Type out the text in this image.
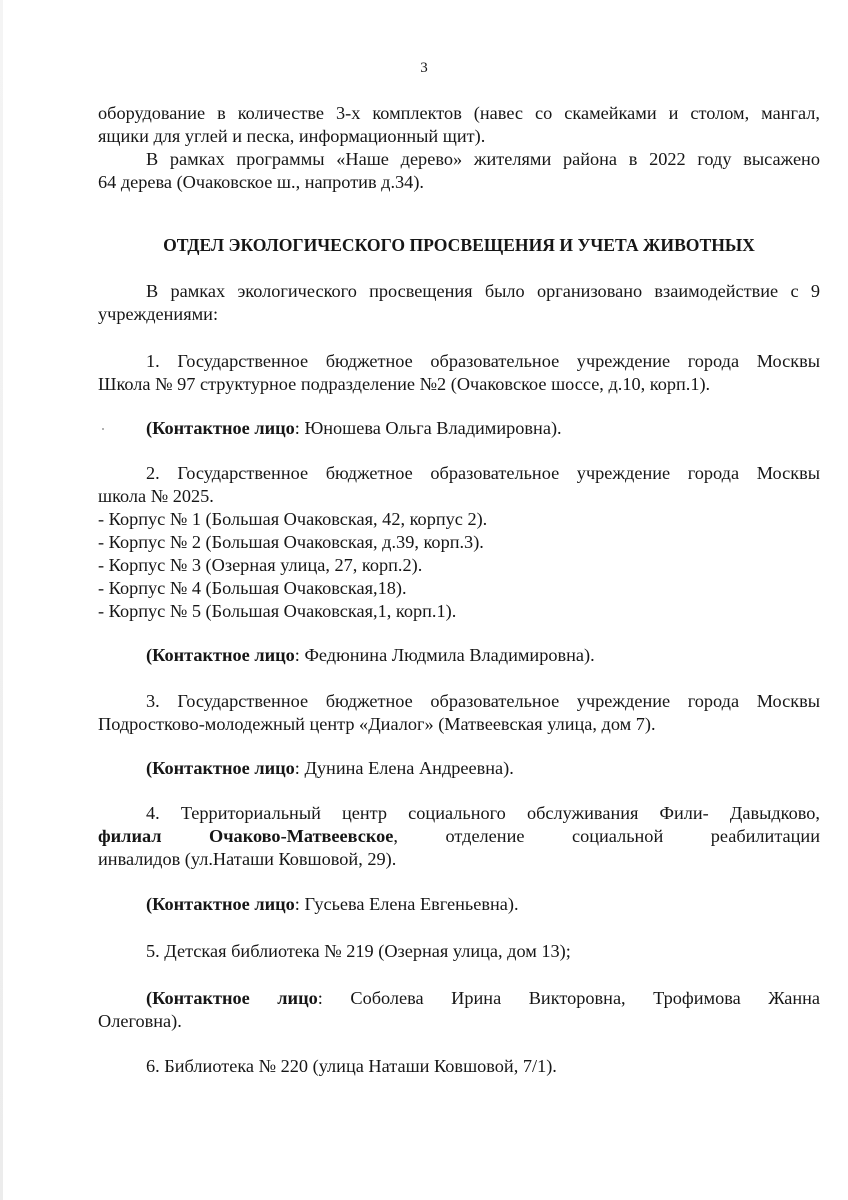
3

оборудование в количестве 3-х комплектов (навес со скамейками и столом, мангал,

ящики для углей и песка, информационный щит).

В рамках программы «Наше дерево» жителями района в 2022 году высажено

64 дерева (Очаковское ш., напротив д.34).

ОТДЕЛ ЭКОЛОГИЧЕСКОГО ПРОСВЕЩЕНИЯ И УЧЕТА ЖИВОТНЫХ

В рамках экологического просвещения было организовано взаимодействие с 9

учреждениями:

1. Государственное бюджетное образовательное учреждение города Москвы

Школа № 97 структурное подразделение №2 (Очаковское шоссе, д.10, корп.1).

(Контактное лицо: Юношева Ольга Владимировна).

2. Государственное бюджетное образовательное учреждение города Москвы

школа № 2025.

- Корпус № 1 (Большая Очаковская, 42, корпус 2).

- Корпус № 2 (Большая Очаковская, д.39, корп.3).

- Корпус № 3 (Озерная улица, 27, корп.2).

- Корпус № 4 (Большая Очаковская,18).

- Корпус № 5 (Большая Очаковская,1, корп.1).

(Контактное лицо: Федюнина Людмила Владимировна).

3. Государственное бюджетное образовательное учреждение города Москвы

Подростково-молодежный центр «Диалог» (Матвеевская улица, дом 7).

(Контактное лицо: Дунина Елена Андреевна).

4. Территориальный центр социального обслуживания Фили- Давыдково,

филиал Очаково-Матвеевское, отделение социальной реабилитации

инвалидов (ул.Наташи Ковшовой, 29).

(Контактное лицо: Гусьева Елена Евгеньевна).

5. Детская библиотека № 219 (Озерная улица, дом 13);

(Контактное лицо: Соболева Ирина Викторовна, Трофимова Жанна

Олеговна).

6. Библиотека № 220 (улица Наташи Ковшовой, 7/1).
